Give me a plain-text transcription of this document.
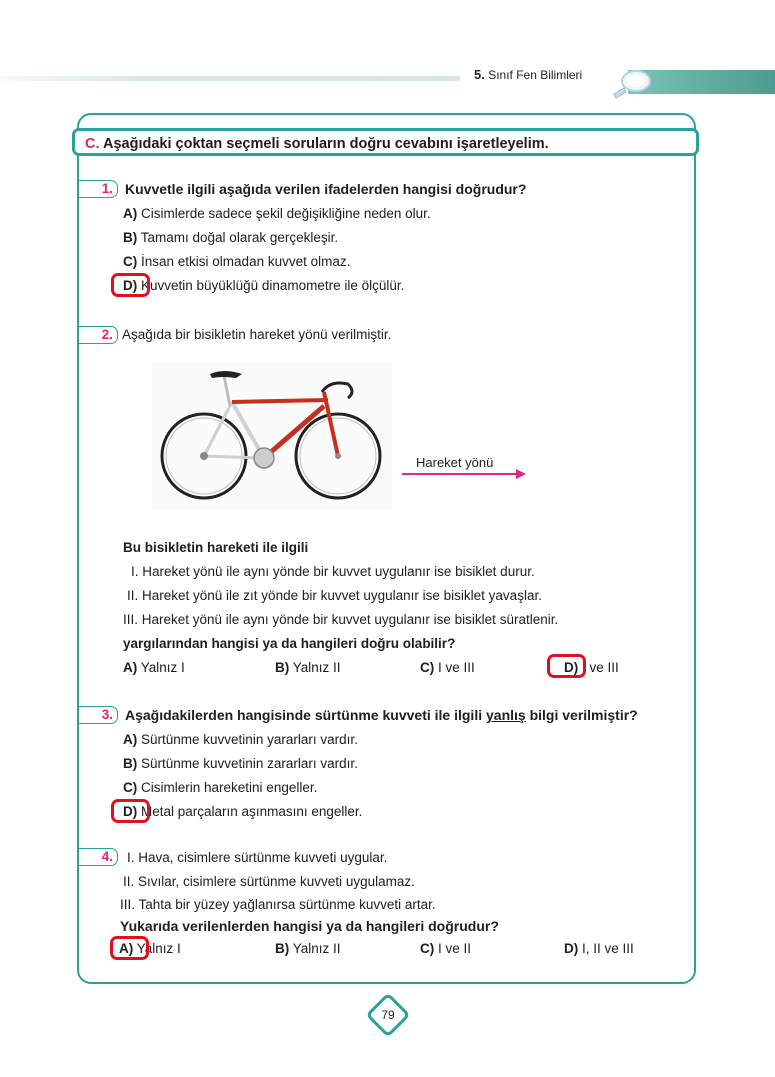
5. Sınıf Fen Bilimleri
C. Aşağıdaki çoktan seçmeli soruların doğru cevabını işaretleyelim.
1. Kuvvetle ilgili aşağıda verilen ifadelerden hangisi doğrudur?
A) Cisimlerde sadece şekil değişikliğine neden olur.
B) Tamamı doğal olarak gerçekleşir.
C) İnsan etkisi olmadan kuvvet olmaz.
D) Kuvvetin büyüklüğü dinamometre ile ölçülür.
2. Aşağıda bir bisikletin hareket yönü verilmiştir.
Hareket yönü
Bu bisikletin hareketi ile ilgili
I. Hareket yönü ile aynı yönde bir kuvvet uygulanır ise bisiklet durur.
II. Hareket yönü ile zıt yönde bir kuvvet uygulanır ise bisiklet yavaşlar.
III. Hareket yönü ile aynı yönde bir kuvvet uygulanır ise bisiklet süratlenir.
yargılarından hangisi ya da hangileri doğru olabilir?
A) Yalnız I	B) Yalnız II	C) I ve III	D) I ve III
3. Aşağıdakilerden hangisinde sürtünme kuvveti ile ilgili yanlış bilgi verilmiştir?
A) Sürtünme kuvvetinin yararları vardır.
B) Sürtünme kuvvetinin zararları vardır.
C) Cisimlerin hareketini engeller.
D) Metal parçaların aşınmasını engeller.
4.	I. Hava, cisimlere sürtünme kuvveti uygular.
II. Sıvılar, cisimlere sürtünme kuvveti uygulamaz.
III. Tahta bir yüzey yağlanırsa sürtünme kuvveti artar.
Yukarıda verilenlerden hangisi ya da hangileri doğrudur?
A) Yalnız I	B) Yalnız II	C) I ve II	D) I, II ve III
79
